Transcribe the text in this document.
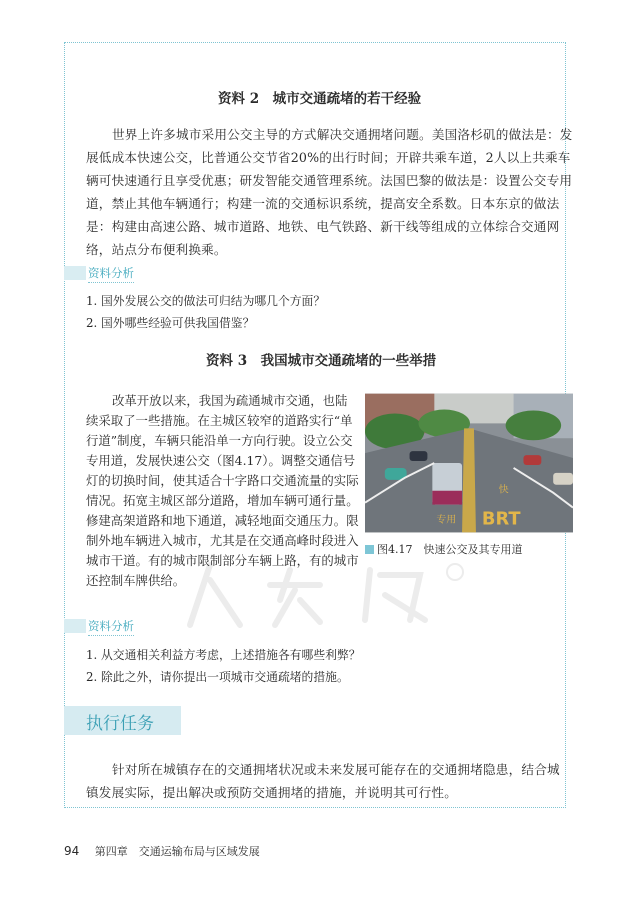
资料 2　城市交通疏堵的若干经验
世界上许多城市采用公交主导的方式解决交通拥堵问题。美国洛杉矶的做法是：发
展低成本快速公交，比普通公交节省20%的出行时间；开辟共乘车道，2人以上共乘车
辆可快速通行且享受优惠；研发智能交通管理系统。法国巴黎的做法是：设置公交专用
道，禁止其他车辆通行；构建一流的交通标识系统，提高安全系数。日本东京的做法
是：构建由高速公路、城市道路、地铁、电气铁路、新干线等组成的立体综合交通网
络，站点分布便利换乘。
资料分析
1. 国外发展公交的做法可归结为哪几个方面？
2. 国外哪些经验可供我国借鉴？
资料 3　我国城市交通疏堵的一些举措
改革开放以来，我国为疏通城市交通，也陆
续采取了一些措施。在主城区较窄的道路实行“单
行道”制度，车辆只能沿单一方向行驶。设立公交
专用道，发展快速公交（图4.17）。调整交通信号
灯的切换时间，使其适合十字路口交通流量的实际
情况。拓宽主城区部分道路，增加车辆可通行量。
修建高架道路和地下通道，减轻地面交通压力。限
制外地车辆进入城市，尤其是在交通高峰时段进入
城市干道。有的城市限制部分车辆上路，有的城市
还控制车牌供给。
BRT
快
专用
图4.17　快速公交及其专用道
资料分析
1. 从交通相关利益方考虑，上述措施各有哪些利弊？
2. 除此之外，请你提出一项城市交通疏堵的措施。
执行任务
针对所在城镇存在的交通拥堵状况或未来发展可能存在的交通拥堵隐患，结合城
镇发展实际，提出解决或预防交通拥堵的措施，并说明其可行性。
94 第四章　交通运输布局与区域发展
